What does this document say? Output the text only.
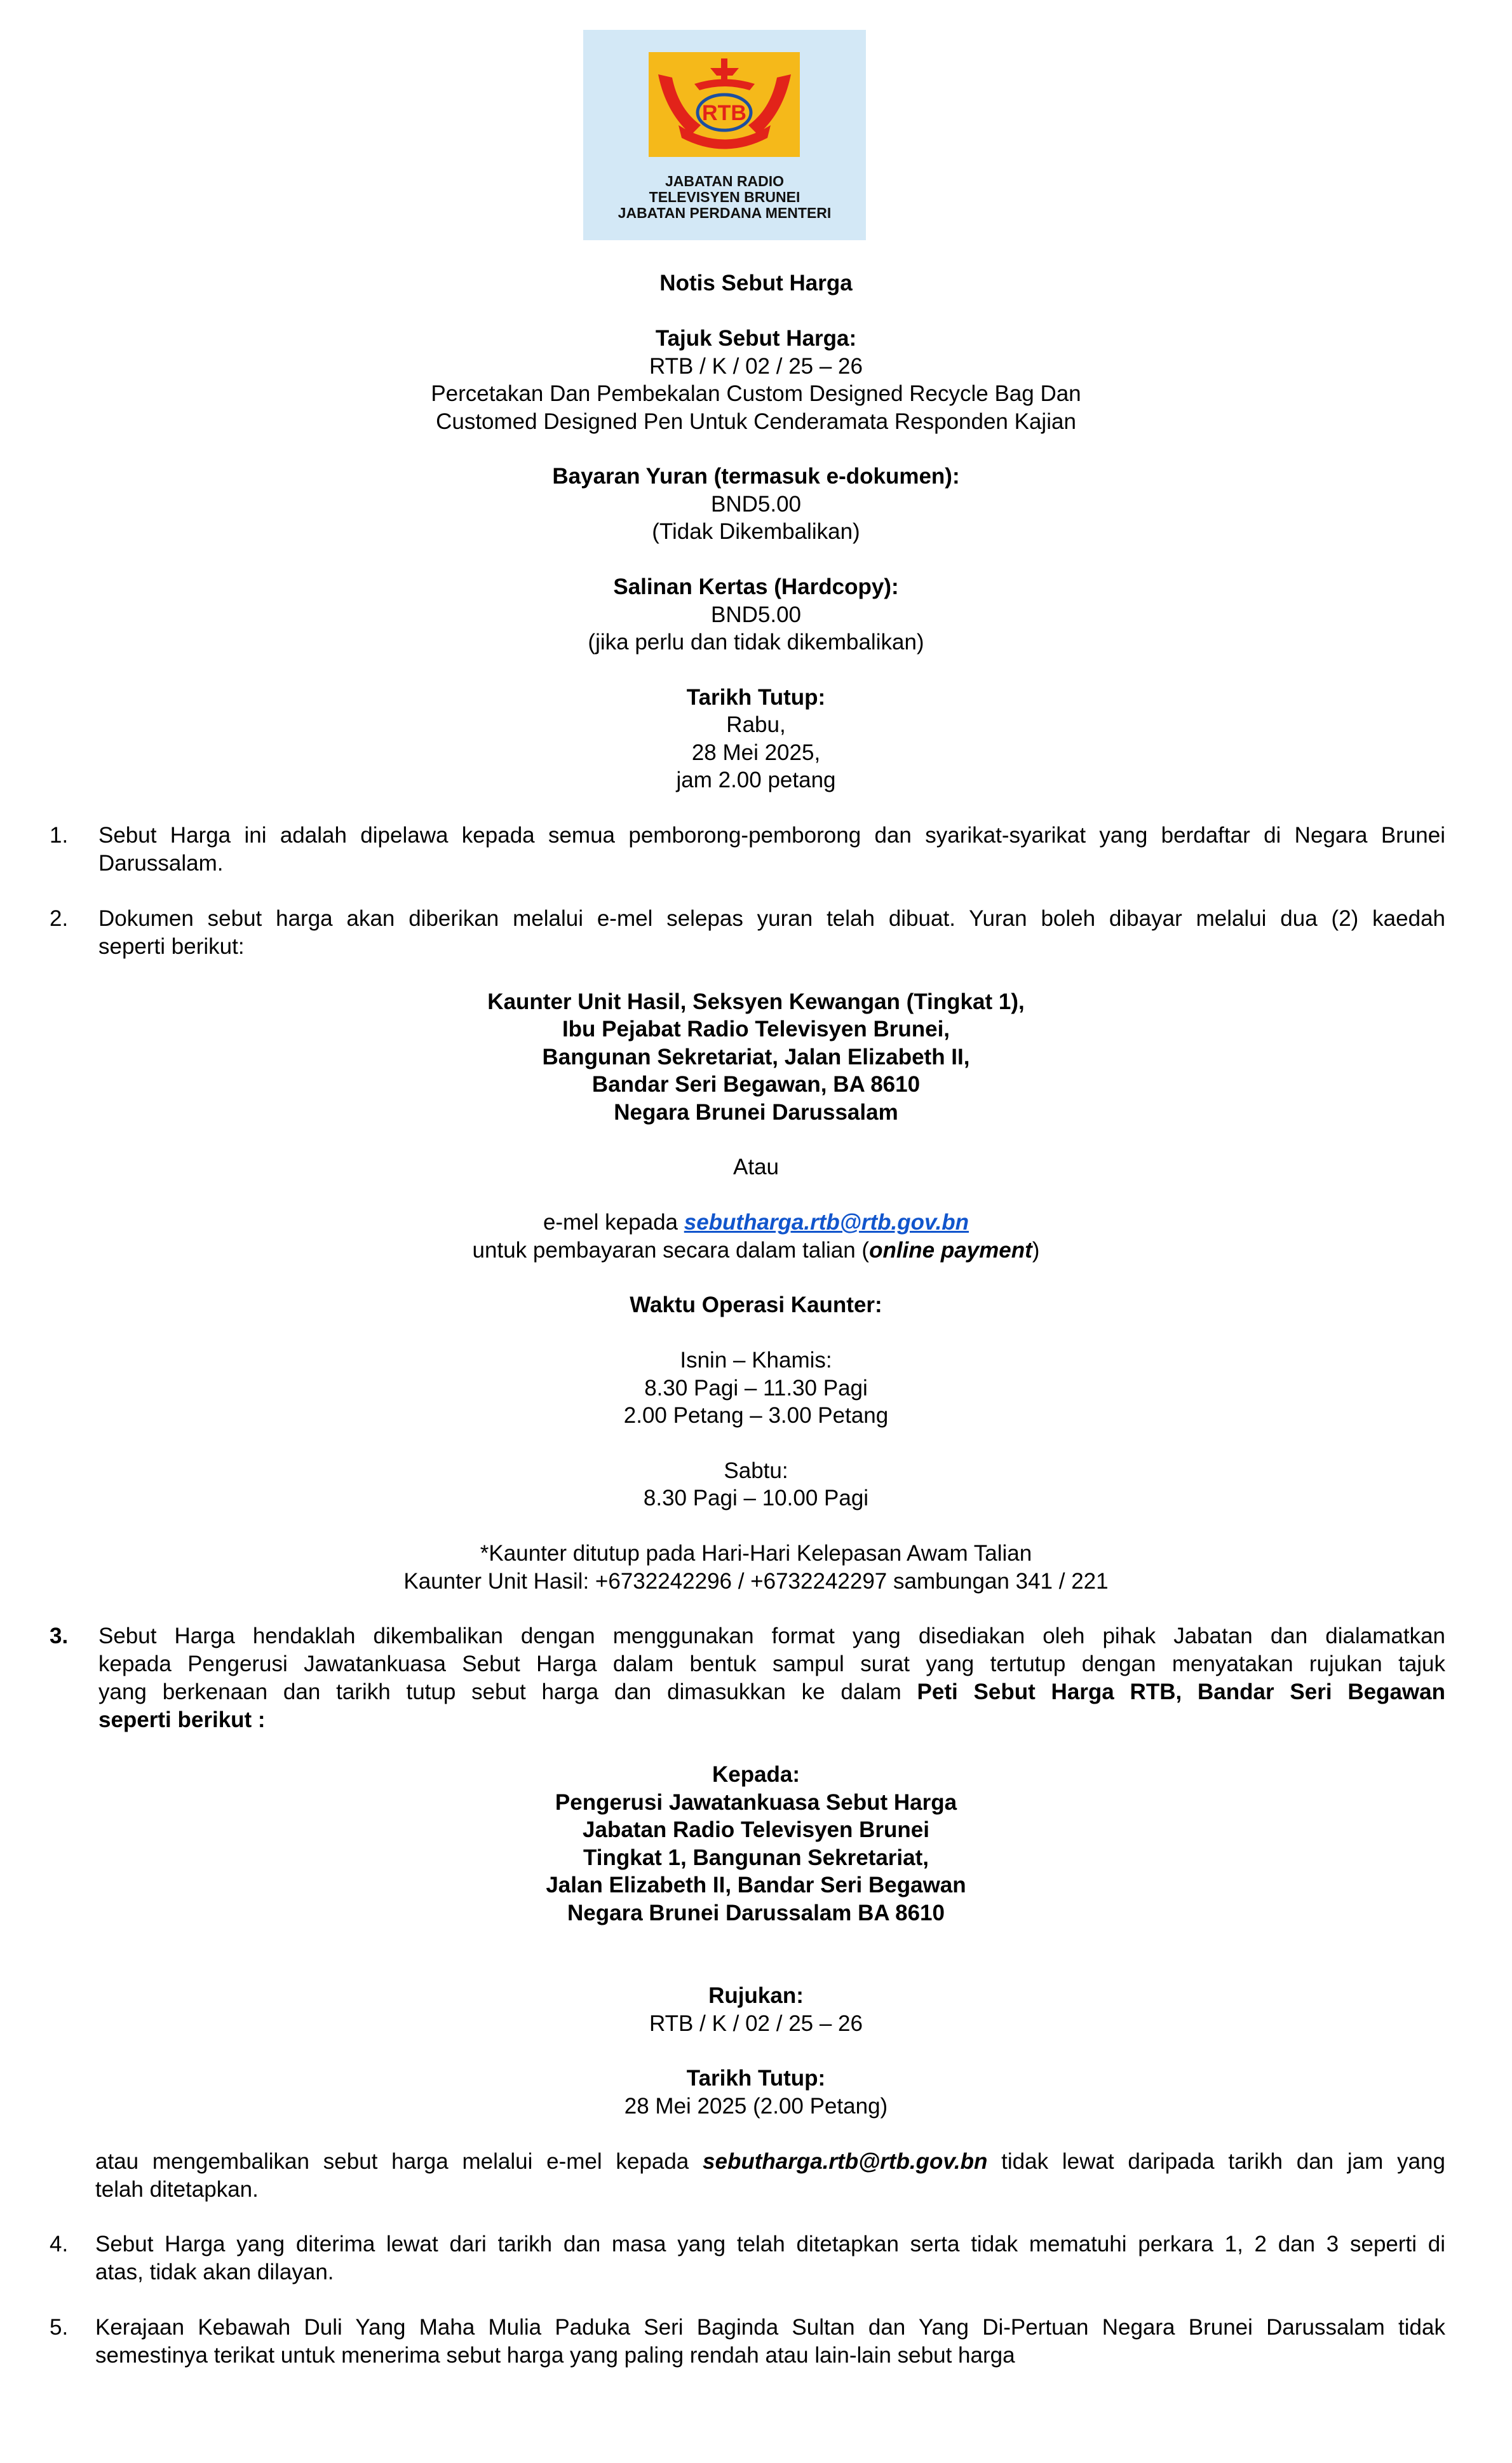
RTB
JABATAN RADIO
TELEVISYEN BRUNEI
JABATAN PERDANA MENTERI
Notis Sebut Harga
Tajuk Sebut Harga:
RTB / K / 02 / 25 – 26
Percetakan Dan Pembekalan Custom Designed Recycle Bag Dan
Customed Designed Pen Untuk Cenderamata Responden Kajian
Bayaran Yuran (termasuk e-dokumen):
BND5.00
(Tidak Dikembalikan)
Salinan Kertas (Hardcopy):
BND5.00
(jika perlu dan tidak dikembalikan)
Tarikh Tutup:
Rabu,
28 Mei 2025,
jam 2.00 petang
1. Sebut Harga ini adalah dipelawa kepada semua pemborong-pemborong dan syarikat-syarikat yang berdaftar di Negara Brunei
Darussalam.
2. Dokumen sebut harga akan diberikan melalui e-mel selepas yuran telah dibuat. Yuran boleh dibayar melalui dua (2) kaedah
seperti berikut:
Kaunter Unit Hasil, Seksyen Kewangan (Tingkat 1),
Ibu Pejabat Radio Televisyen Brunei,
Bangunan Sekretariat, Jalan Elizabeth II,
Bandar Seri Begawan, BA 8610
Negara Brunei Darussalam
Atau
e-mel kepada sebutharga.rtb@rtb.gov.bn
untuk pembayaran secara dalam talian (online payment)
Waktu Operasi Kaunter:
Isnin – Khamis:
8.30 Pagi – 11.30 Pagi
2.00 Petang – 3.00 Petang
Sabtu:
8.30 Pagi – 10.00 Pagi
*Kaunter ditutup pada Hari-Hari Kelepasan Awam Talian
Kaunter Unit Hasil: +6732242296 / +6732242297 sambungan 341 / 221
3. Sebut Harga hendaklah dikembalikan dengan menggunakan format yang disediakan oleh pihak Jabatan dan dialamatkan
kepada Pengerusi Jawatankuasa Sebut Harga dalam bentuk sampul surat yang tertutup dengan menyatakan rujukan tajuk
yang berkenaan dan tarikh tutup sebut harga dan dimasukkan ke dalam Peti Sebut Harga RTB, Bandar Seri Begawan
seperti berikut :
Kepada:
Pengerusi Jawatankuasa Sebut Harga
Jabatan Radio Televisyen Brunei
Tingkat 1, Bangunan Sekretariat,
Jalan Elizabeth II, Bandar Seri Begawan
Negara Brunei Darussalam BA 8610
Rujukan:
RTB / K / 02 / 25 – 26
Tarikh Tutup:
28 Mei 2025 (2.00 Petang)
atau mengembalikan sebut harga melalui e-mel kepada sebutharga.rtb@rtb.gov.bn tidak lewat daripada tarikh dan jam yang
telah ditetapkan.
4. Sebut Harga yang diterima lewat dari tarikh dan masa yang telah ditetapkan serta tidak mematuhi perkara 1, 2 dan 3 seperti di
atas, tidak akan dilayan.
5. Kerajaan Kebawah Duli Yang Maha Mulia Paduka Seri Baginda Sultan dan Yang Di-Pertuan Negara Brunei Darussalam tidak
semestinya terikat untuk menerima sebut harga yang paling rendah atau lain-lain sebut harga
